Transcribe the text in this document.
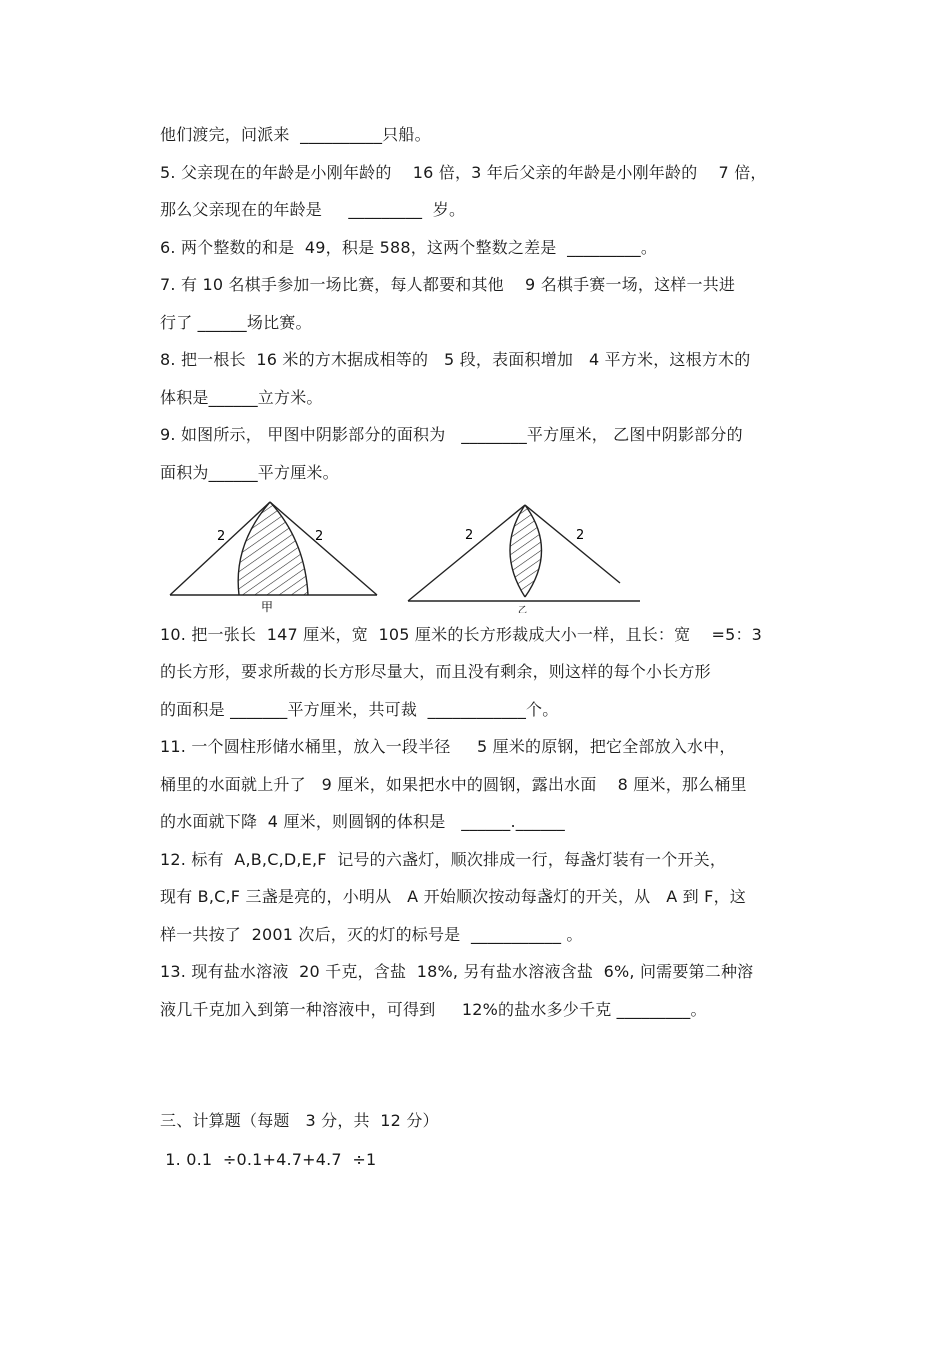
他们渡完，问派来  __________只船。
5. 父亲现在的年龄是小刚年龄的    16 倍，3 年后父亲的年龄是小刚年龄的    7 倍，
那么父亲现在的年龄是     _________  岁。
6. 两个整数的和是  49，积是 588，这两个整数之差是  _________。
7. 有 10 名棋手参加一场比赛，每人都要和其他    9 名棋手赛一场，这样一共进
行了 ______场比赛。
8. 把一根长  16 米的方木据成相等的   5 段，表面积增加   4 平方米，这根方木的
体积是______立方米。
9. 如图所示， 甲图中阴影部分的面积为   ________平方厘米， 乙图中阴影部分的
面积为______平方厘米。
2	2
甲
2	2
乙
10. 把一张长  147 厘米，宽  105 厘米的长方形裁成大小一样，且长：宽    =5：3
的长方形，要求所裁的长方形尽量大，而且没有剩余，则这样的每个小长方形
的面积是 _______平方厘米，共可裁  ____________个。
11. 一个圆柱形储水桶里，放入一段半径     5 厘米的原钢，把它全部放入水中，
桶里的水面就上升了   9 厘米，如果把水中的圆钢，露出水面    8 厘米，那么桶里
的水面就下降  4 厘米，则圆钢的体积是   ______.______
12. 标有  A,B,C,D,E,F  记号的六盏灯，顺次排成一行，每盏灯装有一个开关，
现有 B,C,F 三盏是亮的，小明从   A 开始顺次按动每盏灯的开关，从   A 到 F，这
样一共按了  2001 次后，灭的灯的标号是  ___________ 。
13. 现有盐水溶液  20 千克，含盐  18%, 另有盐水溶液含盐  6%, 问需要第二种溶
液几千克加入到第一种溶液中，可得到     12%的盐水多少千克 _________。
三、计算题（每题   3 分，共  12 分）
1. 0.1  ÷0.1+4.7+4.7  ÷1
